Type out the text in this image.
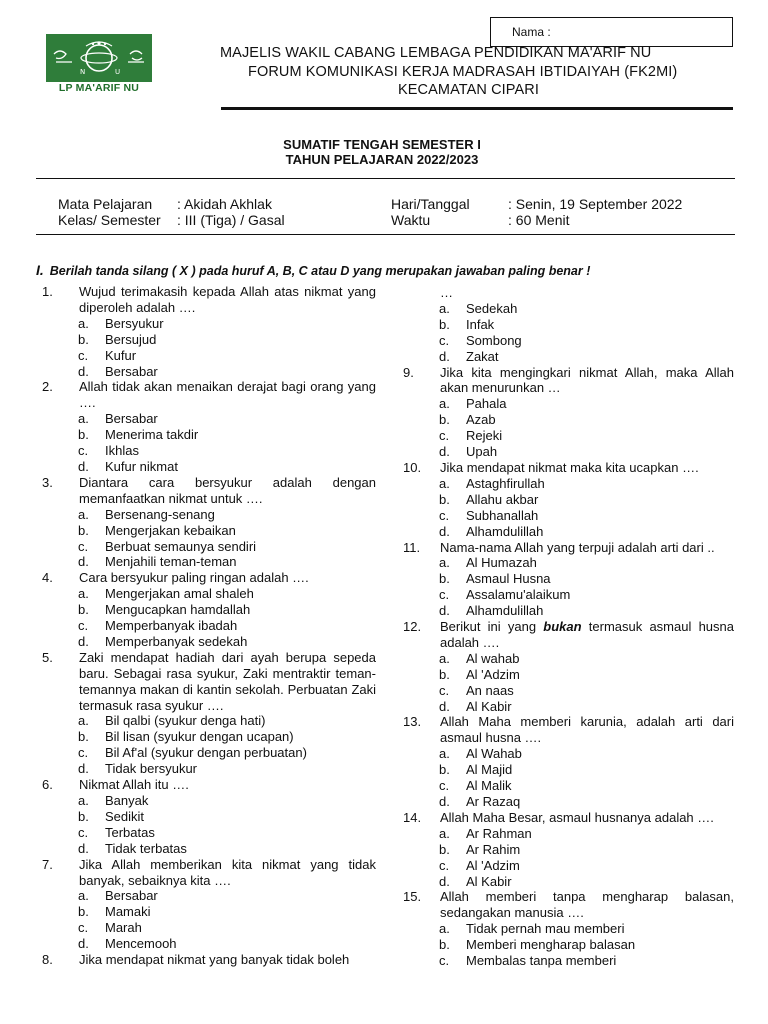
Nama :
N	U
LP MA'ARIF NU
MAJELIS WAKIL CABANG LEMBAGA PENDIDIKAN MA'ARIF NU
FORUM KOMUNIKASI KERJA MADRASAH IBTIDAIYAH (FK2MI)
KECAMATAN CIPARI
SUMATIF TENGAH SEMESTER I
TAHUN PELAJARAN 2022/2023
Mata Pelajaran : Akidah Akhlak
Kelas/ Semester : III (Tiga) / Gasal
Hari/Tanggal	: Senin, 19 September 2022
Waktu	: 60 Menit
I. Berilah tanda silang ( X ) pada huruf A, B, C atau D yang merupakan jawaban paling benar !
1. Wujud terimakasih kepada Allah atas nikmat yang diperoleh adalah ….
a. Bersyukur
b. Bersujud
c. Kufur
d. Bersabar
2. Allah tidak akan menaikan derajat bagi orang yang ….
a. Bersabar
b. Menerima takdir
c. Ikhlas
d. Kufur nikmat
3. Diantara cara bersyukur adalah dengan memanfaatkan nikmat untuk ….
a. Bersenang-senang
b. Mengerjakan kebaikan
c. Berbuat semaunya sendiri
d. Menjahili teman-teman
4. Cara bersyukur paling ringan adalah ….
a. Mengerjakan amal shaleh
b. Mengucapkan hamdallah
c. Memperbanyak ibadah
d. Memperbanyak sedekah
5. Zaki mendapat hadiah dari ayah berupa sepeda baru. Sebagai rasa syukur, Zaki mentraktir teman-temannya makan di kantin sekolah. Perbuatan Zaki termasuk rasa syukur ….
a. Bil qalbi (syukur denga hati)
b. Bil lisan (syukur dengan ucapan)
c. Bil Af'al (syukur dengan perbuatan)
d. Tidak bersyukur
6. Nikmat Allah itu ….
a. Banyak
b. Sedikit
c. Terbatas
d. Tidak terbatas
7. Jika Allah memberikan kita nikmat yang tidak banyak, sebaiknya kita ….
a. Bersabar
b. Mamaki
c. Marah
d. Mencemooh
8. Jika mendapat nikmat yang banyak tidak boleh
…
a. Sedekah
b. Infak
c. Sombong
d. Zakat
9. Jika kita mengingkari nikmat Allah, maka Allah akan menurunkan …
a. Pahala
b. Azab
c. Rejeki
d. Upah
10. Jika mendapat nikmat maka kita ucapkan ….
a. Astaghfirullah
b. Allahu akbar
c. Subhanallah
d. Alhamdulillah
11. Nama-nama Allah yang terpuji adalah arti dari ..
a. Al Humazah
b. Asmaul Husna
c. Assalamu'alaikum
d. Alhamdulillah
12. Berikut ini yang bukan termasuk asmaul husna adalah ….
a. Al wahab
b. Al 'Adzim
c. An naas
d. Al Kabir
13. Allah Maha memberi karunia, adalah arti dari asmaul husna ….
a. Al Wahab
b. Al Majid
c. Al Malik
d. Ar Razaq
14. Allah Maha Besar, asmaul husnanya adalah ….
a. Ar Rahman
b. Ar Rahim
c. Al 'Adzim
d. Al Kabir
15. Allah memberi tanpa mengharap balasan, sedangakan manusia ….
a. Tidak pernah mau memberi
b. Memberi mengharap balasan
c. Membalas tanpa memberi
